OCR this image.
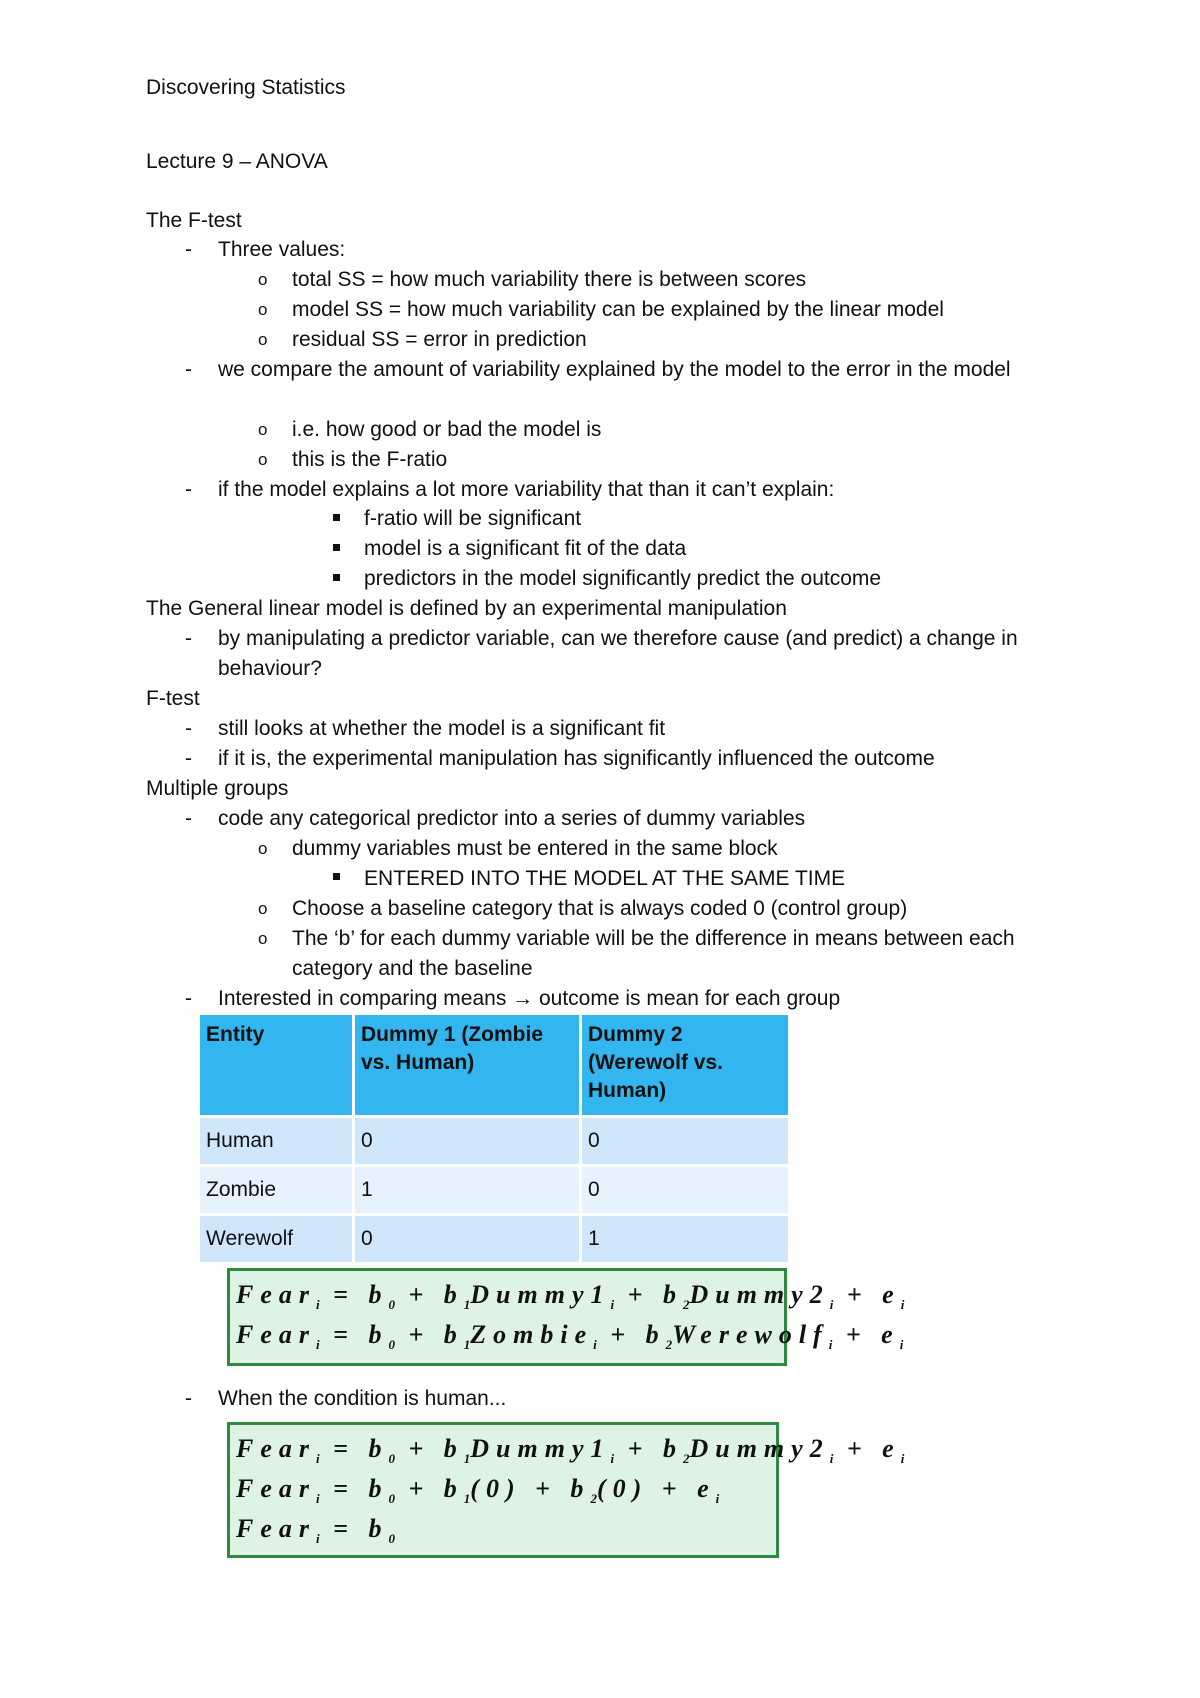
Discovering Statistics
Lecture 9 – ANOVA
The F-test
- Three values:
o total SS = how much variability there is between scores
o model SS = how much variability can be explained by the linear model
o residual SS = error in prediction
- we compare the amount of variability explained by the model to the error in the model
o i.e. how good or bad the model is
o this is the F-ratio
- if the model explains a lot more variability that than it can’t explain:
f-ratio will be significant
model is a significant fit of the data
predictors in the model significantly predict the outcome
The General linear model is defined by an experimental manipulation
- by manipulating a predictor variable, can we therefore cause (and predict) a change in behaviour?
F-test
- still looks at whether the model is a significant fit
- if it is, the experimental manipulation has significantly influenced the outcome
Multiple groups
- code any categorical predictor into a series of dummy variables
o dummy variables must be entered in the same block
ENTERED INTO THE MODEL AT THE SAME TIME
o Choose a baseline category that is always coded 0 (control group)
o The ‘b’ for each dummy variable will be the difference in means between each category and the baseline
- Interested in comparing means → outcome is mean for each group
Entity	Dummy 1 (Zombie vs. Human)	Dummy 2 (Werewolf vs. Human)
Human	0	0
Zombie	1	0
Werewolf	0	1
Fear$_i$ = $b_0$ + $b_1Dummy1_i$ + $b_2Dummy2_i + e_i$
Fear$_i$ = $b_0$ + $b_1Zombie_i$ + $b_2Werewolf_i + e_i$
- When the condition is human...
Fear$_i$ = $b_0$ + $b_1Dummy1_i$ + $b_2Dummy2_i + e_i$
Fear$_i$ = $b_0 + b_1(0) + b_2(0) + e_i$
Fear$_i$ = $b_0$
